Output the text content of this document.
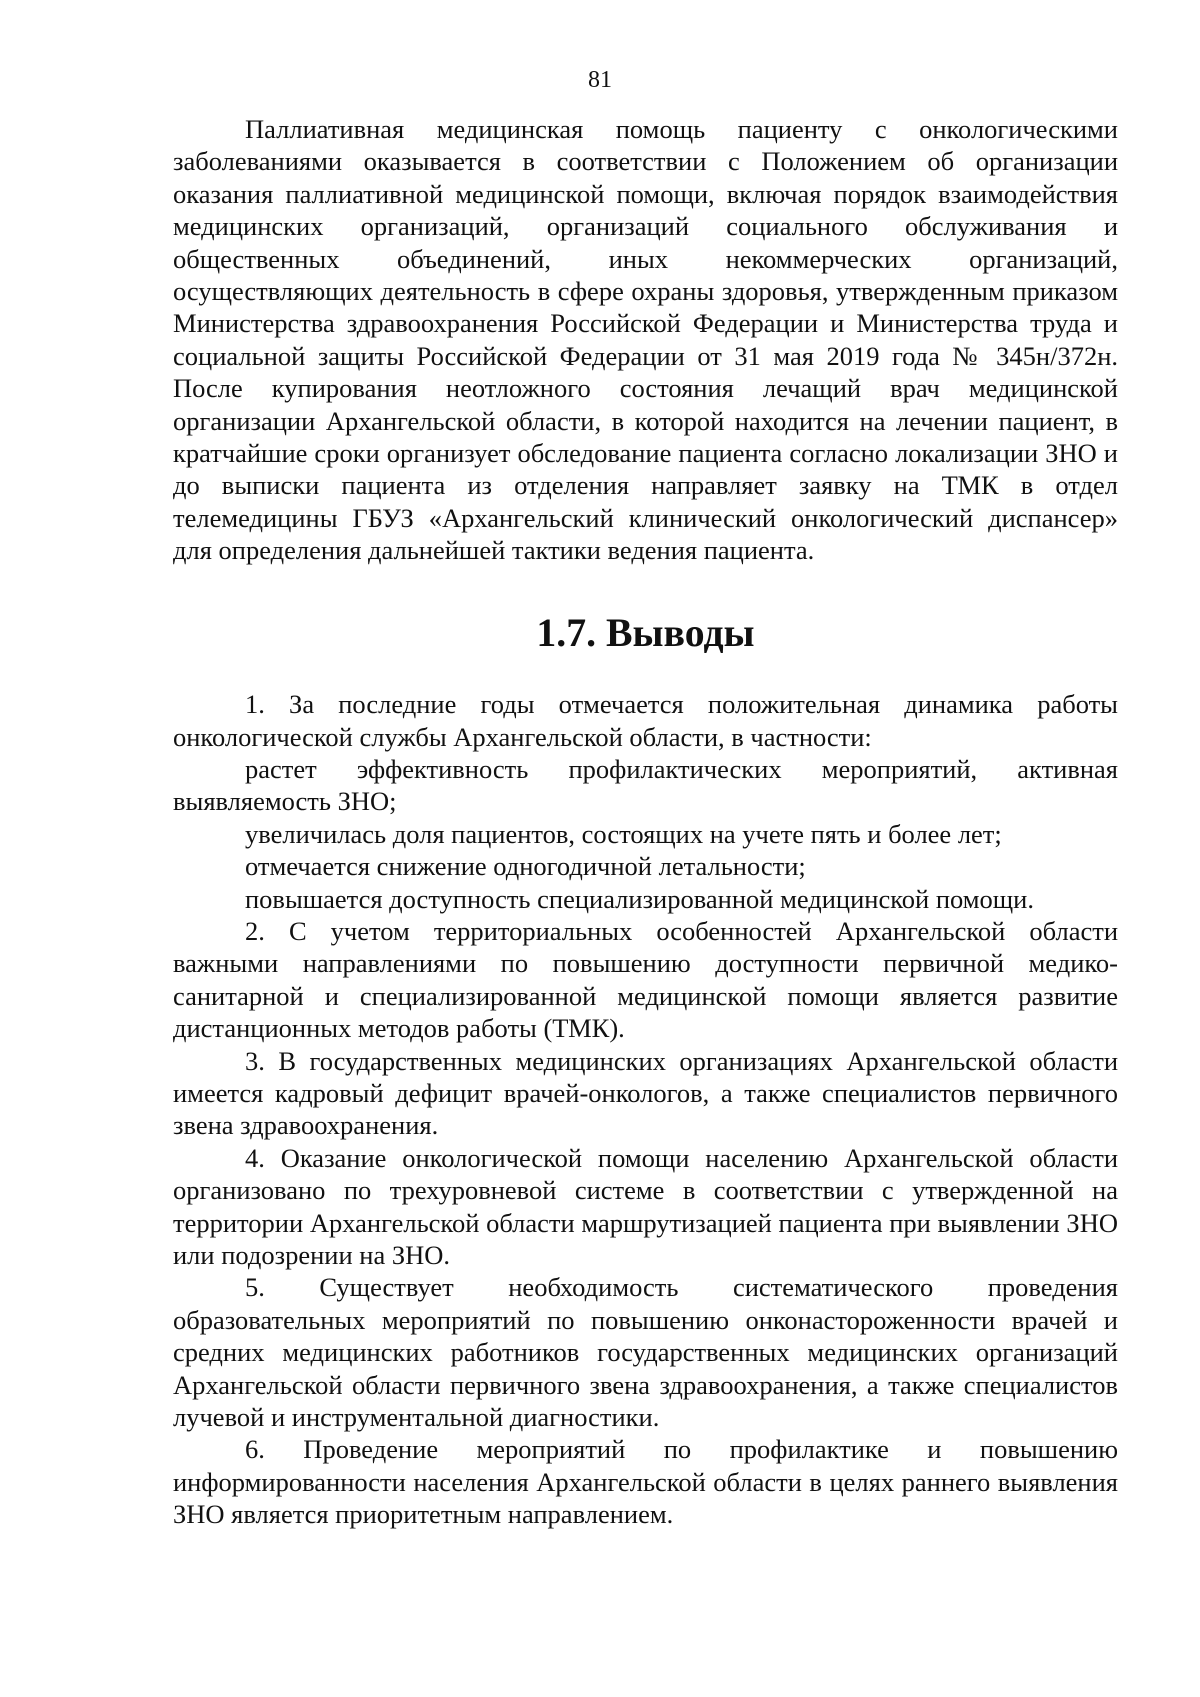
81

Паллиативная медицинская помощь пациенту с онкологическими заболеваниями оказывается в соответствии с Положением об организации оказания паллиативной медицинской помощи, включая порядок взаимодействия медицинских организаций, организаций социального обслуживания и общественных объединений, иных некоммерческих организаций, осуществляющих деятельность в сфере охраны здоровья, утвержденным приказом Министерства здравоохранения Российской Федерации и Министерства труда и социальной защиты Российской Федерации от 31 мая 2019 года № 345н/372н. После купирования неотложного состояния лечащий врач медицинской организации Архангельской области, в которой находится на лечении пациент, в кратчайшие сроки организует обследование пациента согласно локализации ЗНО и до выписки пациента из отделения направляет заявку на ТМК в отдел телемедицины ГБУЗ «Архангельский клинический онкологический диспансер» для определения дальнейшей тактики ведения пациента.

1.7. Выводы

1. За последние годы отмечается положительная динамика работы онкологической службы Архангельской области, в частности:

растет эффективность профилактических мероприятий, активная выявляемость ЗНО;

увеличилась доля пациентов, состоящих на учете пять и более лет;

отмечается снижение одногодичной летальности;

повышается доступность специализированной медицинской помощи.

2. С учетом территориальных особенностей Архангельской области важными направлениями по повышению доступности первичной медико-санитарной и специализированной медицинской помощи является развитие дистанционных методов работы (ТМК).

3. В государственных медицинских организациях Архангельской области имеется кадровый дефицит врачей-онкологов, а также специалистов первичного звена здравоохранения.

4. Оказание онкологической помощи населению Архангельской области организовано по трехуровневой системе в соответствии с утвержденной на территории Архангельской области маршрутизацией пациента при выявлении ЗНО или подозрении на ЗНО.

5. Существует необходимость систематического проведения образовательных мероприятий по повышению онконастороженности врачей и средних медицинских работников государственных медицинских организаций Архангельской области первичного звена здравоохранения, а также специалистов лучевой и инструментальной диагностики.

6. Проведение мероприятий по профилактике и повышению информированности населения Архангельской области в целях раннего выявления ЗНО является приоритетным направлением.
